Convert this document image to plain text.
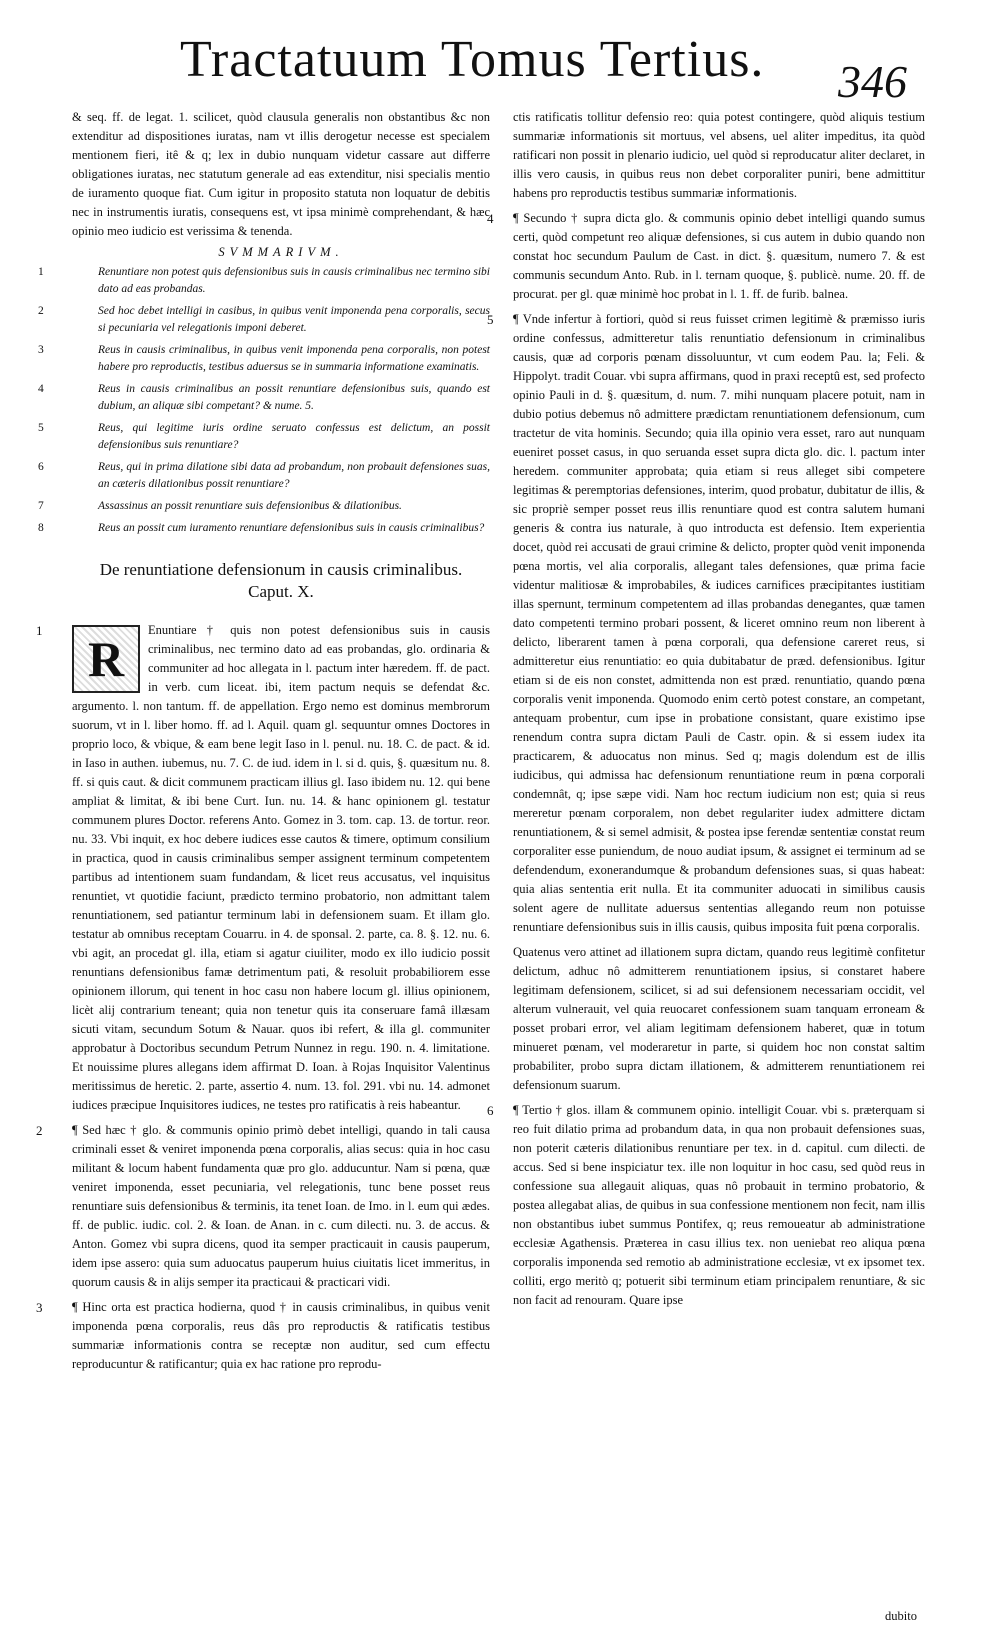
Tractatuum Tomus Tertius. 346

& seq. ff. de legat. 1. scilicet, quòd clausula generalis non obstantibus &c non extenditur ad dispositiones iuratas, nam vt illis derogetur necesse est specialem mentionem fieri, itê & q; lex in dubio nunquam videtur cassare aut differre obligationes iuratas, nec statutum generale ad eas extenditur, nisi specialis mentio de iuramento quoque fiat. Cum igitur in proposito statuta non loquatur de debitis nec in instrumentis iuratis, consequens est, vt ipsa minimè comprehendant, & hæc opinio meo iudicio est verissima & tenenda.

SVMMARIVM.
1	Renuntiare non potest quis defensionibus suis in causis criminalibus nec termino sibi dato ad eas probandas.
2	Sed hoc debet intelligi in casibus, in quibus venit imponenda pena corporalis, secus si pecuniaria vel relegationis imponi deberet.
3	Reus in causis criminalibus, in quibus venit imponenda pena corporalis, non potest habere pro reproductis, testibus aduersus se in summaria informatione examinatis.
4	Reus in causis criminalibus an possit renuntiare defensionibus suis, quando est dubium, an aliquæ sibi competant? & nume. 5.
5	Reus, qui legitime iuris ordine seruato confessus est delictum, an possit defensionibus suis renuntiare?
6	Reus, qui in prima dilatione sibi data ad probandum, non probauit defensiones suas, an cæteris dilationibus possit renuntiare?
7	Assassinus an possit renuntiare suis defensionibus & dilationibus.
8	Reus an possit cum iuramento renuntiare defensionibus suis in causis criminalibus?
De renuntiatione defensionum in causis criminalibus.
Caput. X.
1
R
Enuntiare † quis non potest defensionibus suis in causis criminalibus, nec termino dato ad eas probandas, glo. ordinaria & communiter ad hoc allegata in l. pactum inter hæredem. ff. de pact. in verb. cum liceat. ibi, item pactum nequis se defendat &c. argumento. l. non tantum. ff. de appellation. Ergo nemo est dominus membrorum suorum, vt in l. liber homo. ff. ad l. Aquil. quam gl. sequuntur omnes Doctores in proprio loco, & vbique, & eam bene legit Iaso in l. penul. nu. 18. C. de pact. & id. in Iaso in authen. iubemus, nu. 7. C. de iud. idem in l. si d. quis, §. quæsitum nu. 8. ff. si quis caut. & dicit communem practicam illius gl. Iaso ibidem nu. 12. qui bene ampliat & limitat, & ibi bene Curt. Iun. nu. 14. & hanc opinionem gl. testatur communem plures Doctor. referens Anto. Gomez in 3. tom. cap. 13. de tortur. reor. nu. 33. Vbi inquit, ex hoc debere iudices esse cautos & timere, optimum consilium in practica, quod in causis criminalibus semper assignent terminum competentem partibus ad intentionem suam fundandam, & licet reus accusatus, vel inquisitus renuntiet, vt quotidie faciunt, prædicto termino probatorio, non admittant talem renuntiationem, sed patiantur terminum labi in defensionem suam. Et illam glo. testatur ab omnibus receptam Couarru. in 4. de sponsal. 2. parte, ca. 8. §. 12. nu. 6. vbi agit, an procedat gl. illa, etiam si agatur ciuiliter, modo ex illo iudicio possit renuntians defensionibus famæ detrimentum pati, & resoluit probabiliorem esse opinionem illorum, qui tenent in hoc casu non habere locum gl. illius opinionem, licèt alij contrarium teneant; quia non tenetur quis ita conseruare famâ illæsam sicuti vitam, secundum Sotum & Nauar. quos ibi refert, & illa gl. communiter approbatur à Doctoribus secundum Petrum Nunnez in regu. 190. n. 4. limitatione. Et nouissime plures allegans idem affirmat D. Ioan. à Rojas Inquisitor Valentinus meritissimus de heretic. 2. parte, assertio 4. num. 13. fol. 291. vbi nu. 14. admonet iudices præcipue Inquisitores iudices, ne testes pro ratificatis à reis habeantur.
2 ¶ Sed hæc † glo. & communis opinio primò debet intelligi, quando in tali causa criminali esset & veniret imponenda pœna corporalis, alias secus: quia in hoc casu militant & locum habent fundamenta quæ pro glo. adducuntur. Nam si pœna, quæ veniret imponenda, esset pecuniaria, vel relegationis, tunc bene posset reus renuntiare suis defensionibus & terminis, ita tenet Ioan. de Imo. in l. eum qui ædes. ff. de public. iudic. col. 2. & Ioan. de Anan. in c. cum dilecti. nu. 3. de accus. & Anton. Gomez vbi supra dicens, quod ita semper practicauit in causis pauperum, idem ipse assero: quia sum aduocatus pauperum huius ciuitatis licet immeritus, in quorum causis & in alijs semper ita practicaui & practicari vidi.
3 ¶ Hinc orta est practica hodierna, quod † in causis criminalibus, in quibus venit imponenda pœna corporalis, reus dâs pro reproductis & ratificatis testibus summariæ informationis contra se receptæ non auditur, sed cum effectu reproducuntur & ratificantur; quia ex hac ratione pro reprodu-
ctis ratificatis tollitur defensio reo: quia potest contingere, quòd aliquis testium summariæ informationis sit mortuus, vel absens, uel aliter impeditus, ita quòd ratificari non possit in plenario iudicio, uel quòd si reproducatur aliter declaret, in illis vero causis, in quibus reus non debet corporaliter puniri, bene admittitur habens pro reproductis testibus summariæ informationis.
4 ¶ Secundo † supra dicta glo. & communis opinio debet intelligi quando sumus certi, quòd competunt reo aliquæ defensiones, si cus autem in dubio quando non constat hoc secundum Paulum de Cast. in dict. §. quæsitum, numero 7. & est communis secundum Anto. Rub. in l. ternam quoque, §. publicè. nume. 20. ff. de procurat. per gl. quæ minimè hoc probat in l. 1. ff. de furib. balnea.
5 ¶ Vnde infertur à fortiori, quòd si reus fuisset crimen legitimè & præmisso iuris ordine confessus, admitteretur talis renuntiatio defensionum in criminalibus causis, quæ ad corporis pœnam dissoluuntur, vt cum eodem Pau. la; Feli. & Hippolyt. tradit Couar. vbi supra affirmans, quod in praxi receptû est, sed profecto opinio Pauli in d. §. quæsitum, d. num. 7. mihi nunquam placere potuit, nam in dubio potius debemus nô admittere prædictam renuntiationem defensionum, cum tractetur de vita hominis. Secundo; quia illa opinio vera esset, raro aut nunquam eueniret posset casus, in quo seruanda esset supra dicta glo. dic. l. pactum inter heredem. communiter approbata; quia etiam si reus alleget sibi competere legitimas & peremptorias defensiones, interim, quod probatur, dubitatur de illis, & sic propriè semper posset reus illis renuntiare quod est contra salutem humani generis & contra ius naturale, à quo introducta est defensio. Item experientia docet, quòd rei accusati de graui crimine & delicto, propter quòd venit imponenda pœna mortis, vel alia corporalis, allegant tales defensiones, quæ prima facie videntur malitiosæ & improbabiles, & iudices carnifices præcipitantes iustitiam illas spernunt, terminum competentem ad illas probandas denegantes, quæ tamen dato competenti termino probari possent, & liceret omnino reum non liberent à delicto, liberarent tamen à pœna corporali, qua defensione careret reus, si admitteretur eius renuntiatio: eo quia dubitabatur de præd. defensionibus. Igitur etiam si de eis non constet, admittenda non est præd. renuntiatio, quando pœna corporalis venit imponenda. Quomodo enim certò potest constare, an competant, antequam probentur, cum ipse in probatione consistant, quare existimo ipse renendum contra supra dictam Pauli de Castr. opin. & si essem iudex ita practicarem, & aduocatus non minus. Sed q; magis dolendum est de illis iudicibus, qui admissa hac defensionum renuntiatione reum in pœna corporali condemnât, q; ipse sæpe vidi. Nam hoc rectum iudicium non est; quia si reus mereretur pœnam corporalem, non debet regulariter iudex admittere dictam renuntiationem, & si semel admisit, & postea ipse ferendæ sententiæ constat reum corporaliter esse puniendum, de nouo audiat ipsum, & assignet ei terminum ad se defendendum, exonerandumque & probandum defensiones suas, si quas habeat: quia alias sententia erit nulla. Et ita communiter aduocati in similibus causis solent agere de nullitate aduersus sententias allegando reum non potuisse renuntiare defensionibus suis in illis causis, quibus imposita fuit pœna corporalis.
Quatenus vero attinet ad illationem supra dictam, quando reus legitimè confitetur delictum, adhuc nô admitterem renuntiationem ipsius, si constaret habere legitimam defensionem, scilicet, si ad sui defensionem necessariam occidit, vel alterum vulnerauit, vel quia reuocaret confessionem suam tanquam erroneam & posset probari error, vel aliam legitimam defensionem haberet, quæ in totum minueret pœnam, vel moderaretur in parte, si quidem hoc non constat saltim probabiliter, probo supra dictam illationem, & admitterem renuntiationem rei defensionum suarum.
6 ¶ Tertio † glos. illam & communem opinio. intelligit Couar. vbi s. præterquam si reo fuit dilatio prima ad probandum data, in qua non probauit defensiones suas, non poterit cæteris dilationibus renuntiare per tex. in d. capitul. cum dilecti. de accus. Sed si bene inspiciatur tex. ille non loquitur in hoc casu, sed quòd reus in confessione sua allegauit aliquas, quas nô probauit in termino probatorio, & postea allegabat alias, de quibus in sua confessione mentionem non fecit, nam illis non obstantibus iubet summus Pontifex, q; reus remoueatur ab administratione ecclesiæ Agathensis. Præterea in casu illius tex. non ueniebat reo aliqua pœna corporalis imponenda sed remotio ab administratione ecclesiæ, vt ex ipsomet tex. colliti, ergo meritò q; potuerit sibi terminum etiam principalem renuntiare, & sic non facit ad renouram. Quare ipse
dubito
